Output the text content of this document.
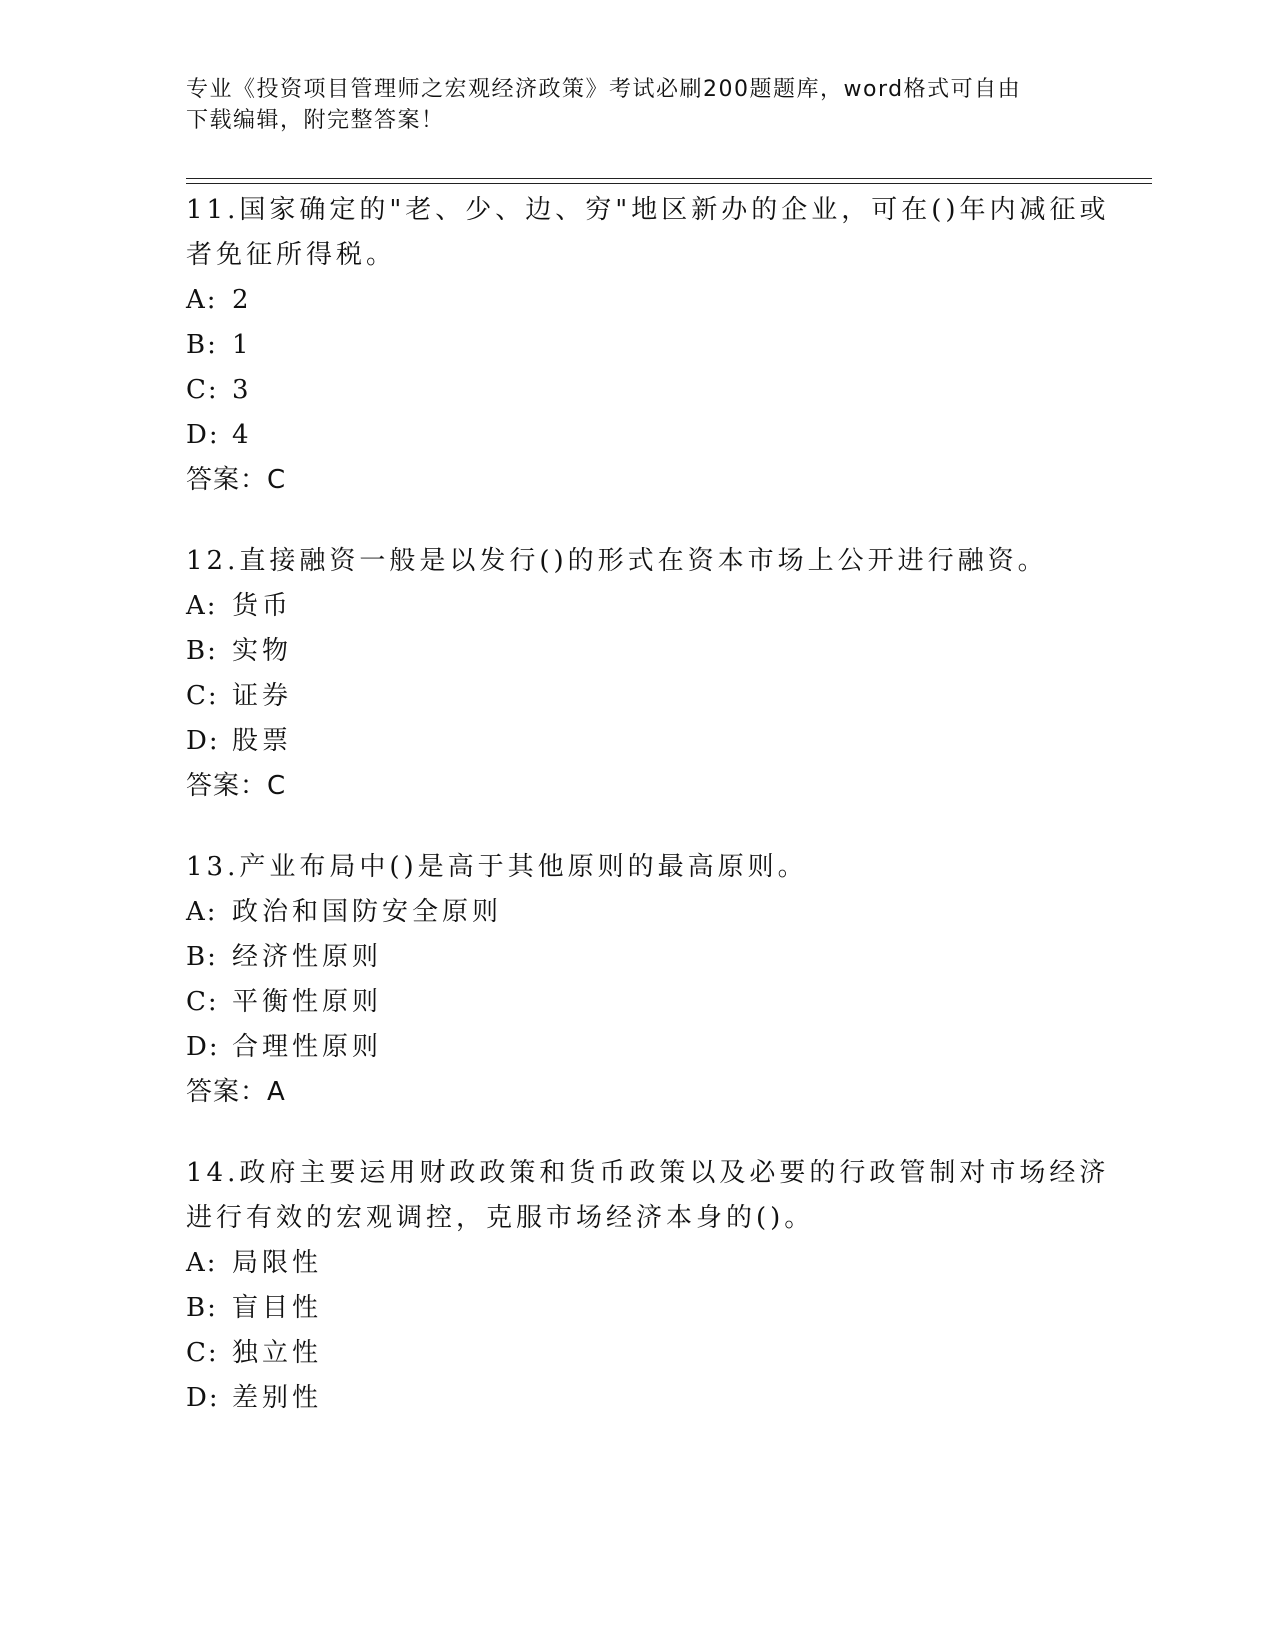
专业《投资项目管理师之宏观经济政策》考试必刷200题题库，word格式可自由
下载编辑，附完整答案！

11.国家确定的"老、少、边、穷"地区新办的企业，可在()年内减征或者免征所得税。

A: 2

B: 1

C: 3

D: 4

答案：C

12.直接融资一般是以发行()的形式在资本市场上公开进行融资。

A: 货币

B: 实物

C: 证券

D: 股票

答案：C

13.产业布局中()是高于其他原则的最高原则。

A: 政治和国防安全原则

B: 经济性原则

C: 平衡性原则

D: 合理性原则

答案：A

14.政府主要运用财政政策和货币政策以及必要的行政管制对市场经济进行有效的宏观调控，克服市场经济本身的()。

A: 局限性

B: 盲目性

C: 独立性

D: 差别性
